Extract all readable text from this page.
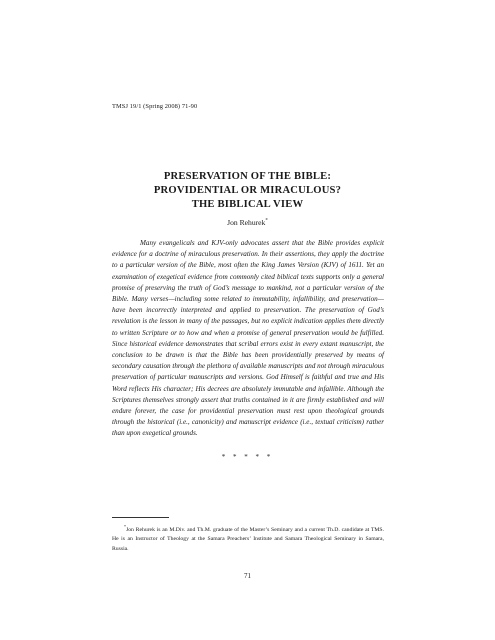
TMSJ 19/1 (Spring 2008) 71-90
PRESERVATION OF THE BIBLE:
PROVIDENTIAL OR MIRACULOUS?
THE BIBLICAL VIEW
Jon Rehurek*

Many evangelicals and KJV-only advocates assert that the Bible provides explicit evidence for a doctrine of miraculous preservation. In their assertions, they apply the doctrine to a particular version of the Bible, most often the King James Version (KJV) of 1611. Yet an examination of exegetical evidence from commonly cited biblical texts supports only a general promise of preserving the truth of God’s message to mankind, not a particular version of the Bible. Many verses—including some related to immutability, infallibility, and preservation—have been incorrectly interpreted and applied to preservation. The preservation of God’s revelation is the lesson in many of the passages, but no explicit indication applies them directly to written Scripture or to how and when a promise of general preservation would be fulfilled. Since historical evidence demonstrates that scribal errors exist in every extant manuscript, the conclusion to be drawn is that the Bible has been providentially preserved by means of secondary causation through the plethora of available manuscripts and not through miraculous preservation of particular manuscripts and versions. God Himself is faithful and true and His Word reflects His character; His decrees are absolutely immutable and infallible. Although the Scriptures themselves strongly assert that truths contained in it are firmly established and will endure forever, the case for providential preservation must rest upon theological grounds through the historical (i.e., canonicity) and manuscript evidence (i.e., textual criticism) rather than upon exegetical grounds.

* * * * *

*Jon Rehurek is an M.Div. and Th.M. graduate of the Master’s Seminary and a current Th.D. candidate at TMS. He is an Instructor of Theology at the Samara Preachers’ Institute and Samara Theological Seminary in Samara, Russia.

71
